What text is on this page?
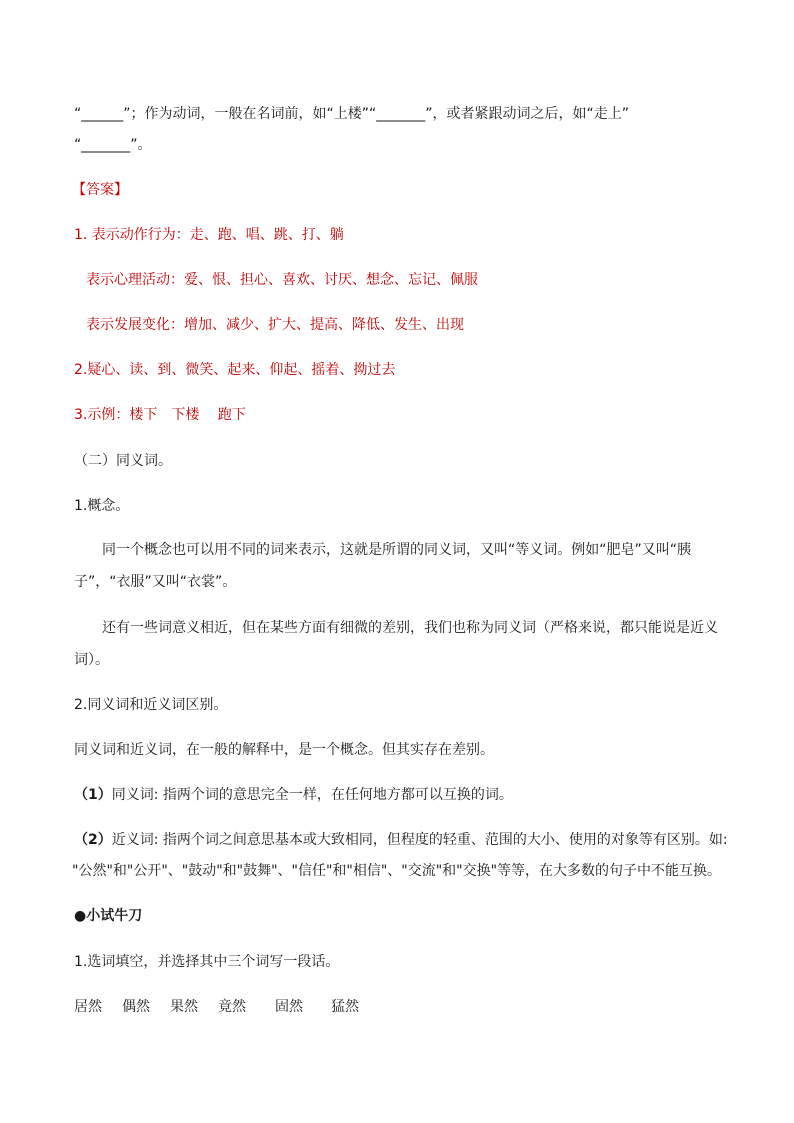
“______”；作为动词，一般在名词前，如“上楼”“_______”，或者紧跟动词之后，如“走上”
“_______”。
【答案】
1. 表示动作行为：走、跑、唱、跳、打、躺
表示心理活动：爱、恨、担心、喜欢、讨厌、想念、忘记、佩服
表示发展变化：增加、减少、扩大、提高、降低、发生、出现
2.疑心、读、到、微笑、起来、仰起、摇着、拗过去
3.示例：楼下　下楼　 跑下
（二）同义词。
1.概念。
同一个概念也可以用不同的词来表示，这就是所谓的同义词，又叫“等义词。例如“肥皂”又叫“胰
子”，“衣服”又叫“衣裳”。
还有一些词意义相近，但在某些方面有细微的差别，我们也称为同义词（严格来说，都只能说是近义
词）。
2.同义词和近义词区别。
同义词和近义词，在一般的解释中，是一个概念。但其实存在差别。
（1）同义词: 指两个词的意思完全一样，在任何地方都可以互换的词。
（2）近义词: 指两个词之间意思基本或大致相同，但程度的轻重、范围的大小、使用的对象等有区别。如:
"公然"和"公开"、"鼓动"和"鼓舞"、"信任"和"相信"、"交流"和"交换"等等，在大多数的句子中不能互换。
●小试牛刀
1.选词填空，并选择其中三个词写一段话。
居然 偶然 果然 竟然 固然 猛然
